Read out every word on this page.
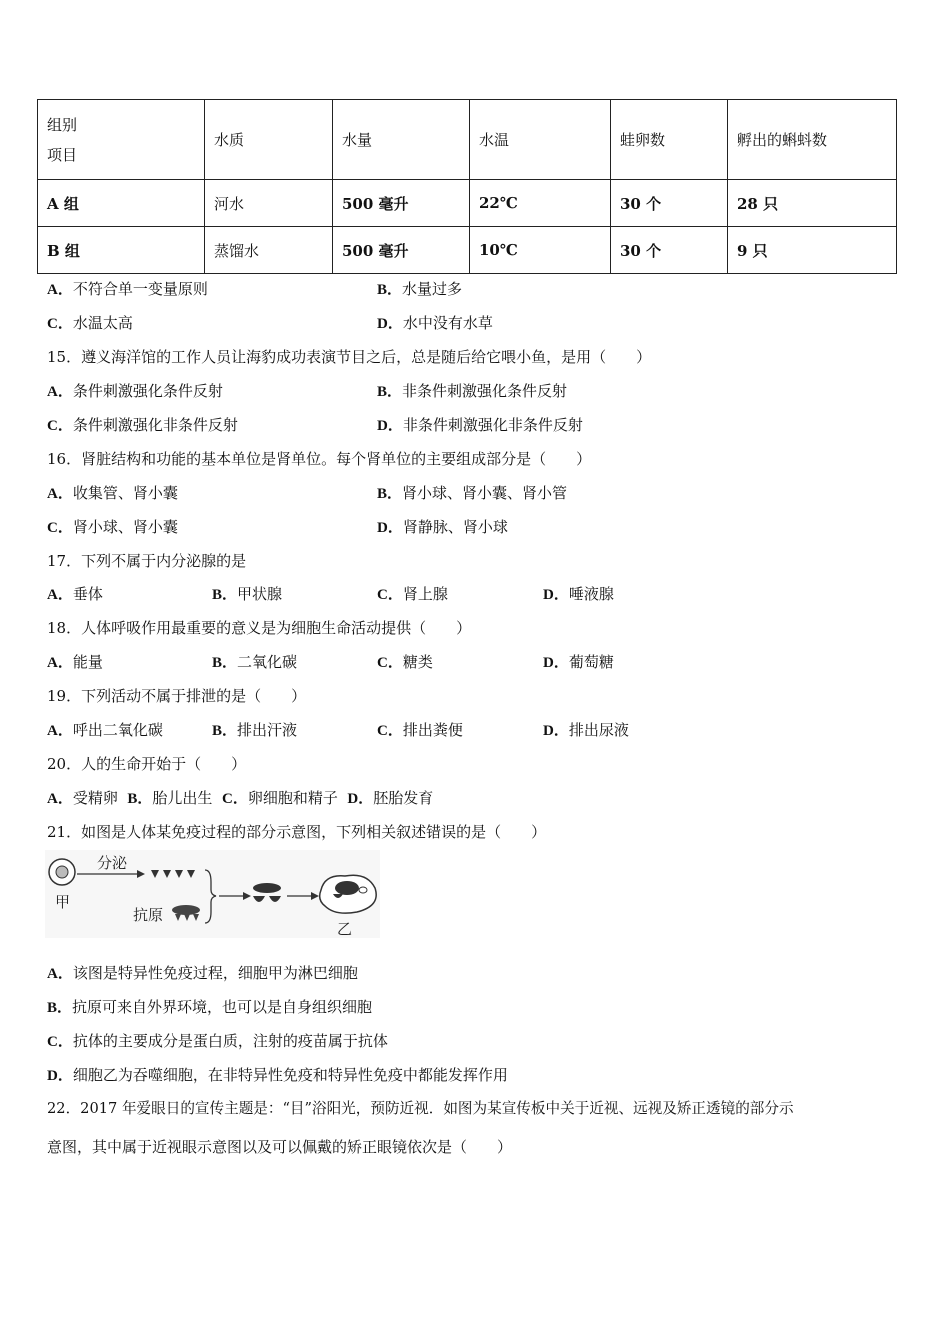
组别
项目	水质	水量	水温	蛙卵数	孵出的蝌蚪数
A 组	河水	500 毫升	22℃	30 个	28 只
B 组	蒸馏水	500 毫升	10℃	30 个	9 只
A．不符合单一变量原则	B．水量过多
C．水温太高	D．水中没有水草
15．遵义海洋馆的工作人员让海豹成功表演节目之后，总是随后给它喂小鱼，是用（　　）
A．条件刺激强化条件反射	B．非条件刺激强化条件反射
C．条件刺激强化非条件反射	D．非条件刺激强化非条件反射
16．肾脏结构和功能的基本单位是肾单位。每个肾单位的主要组成部分是（　　）
A．收集管、肾小囊	B．肾小球、肾小囊、肾小管
C．肾小球、肾小囊	D．肾静脉、肾小球
17．下列不属于内分泌腺的是
A．垂体	B．甲状腺	C．肾上腺	D．唾液腺
18．人体呼吸作用最重要的意义是为细胞生命活动提供（　　）
A．能量	B．二氧化碳	C．糖类	D．葡萄糖
19．下列活动不属于排泄的是（　　）
A．呼出二氧化碳	B．排出汗液	C．排出粪便	D．排出尿液
20．人的生命开始于（　　）
A．受精卵 B．胎儿出生 C．卵细胞和精子 D．胚胎发育
21．如图是人体某免疫过程的部分示意图，下列相关叙述错误的是（　　）
甲
分泌
抗原
乙
A．该图是特异性免疫过程，细胞甲为淋巴细胞
B．抗原可来自外界环境，也可以是自身组织细胞
C．抗体的主要成分是蛋白质，注射的疫苗属于抗体
D．细胞乙为吞噬细胞，在非特异性免疫和特异性免疫中都能发挥作用
22．2017 年爱眼日的宣传主题是：“目”浴阳光，预防近视．如图为某宣传板中关于近视、远视及矫正透镜的部分示
意图，其中属于近视眼示意图以及可以佩戴的矫正眼镜依次是（　　）
